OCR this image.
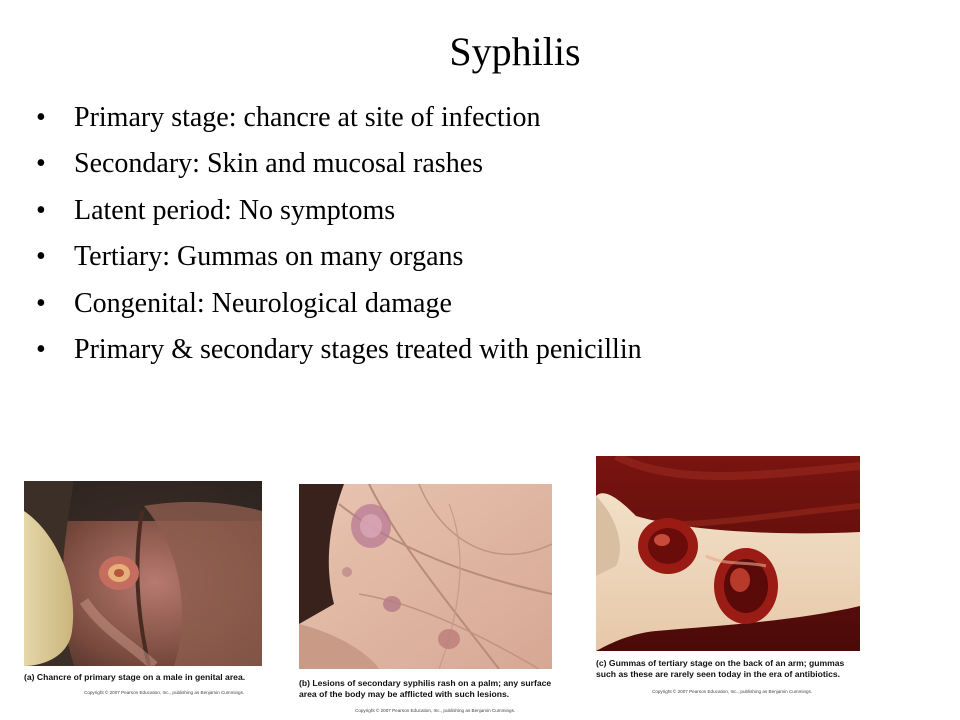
Syphilis
• Primary stage: chancre at site of infection
• Secondary: Skin and mucosal rashes
• Latent period: No symptoms
• Tertiary: Gummas on many organs
• Congenital: Neurological damage
• Primary & secondary stages treated with penicillin
(a) Chancre of primary stage on a male in genital area.
Copyright © 2007 Pearson Education, Inc., publishing as Benjamin Cummings.
(b) Lesions of secondary syphilis rash on a palm; any surface
area of the body may be afflicted with such lesions.
Copyright © 2007 Pearson Education, Inc., publishing as Benjamin Cummings.
(c) Gummas of tertiary stage on the back of an arm; gummas
such as these are rarely seen today in the era of antibiotics.
Copyright © 2007 Pearson Education, Inc., publishing as Benjamin Cummings.
